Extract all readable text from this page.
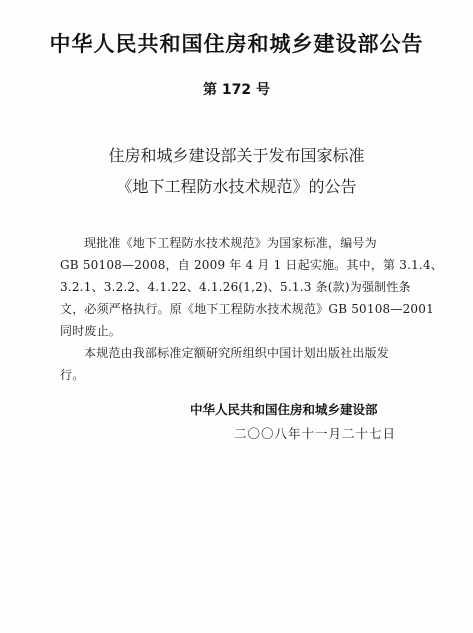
中华人民共和国住房和城乡建设部公告
第 172 号
住房和城乡建设部关于发布国家标准
《地下工程防水技术规范》的公告
现批准《地下工程防水技术规范》为国家标准，编号为
GB 50108—2008，自 2009 年 4 月 1 日起实施。其中，第 3.1.4、
3.2.1、3.2.2、4.1.22、4.1.26(1,2)、5.1.3 条(款)为强制性条
文，必须严格执行。原《地下工程防水技术规范》GB 50108—2001
同时废止。
本规范由我部标准定额研究所组织中国计划出版社出版发
行。
中华人民共和国住房和城乡建设部
二〇〇八年十一月二十七日
